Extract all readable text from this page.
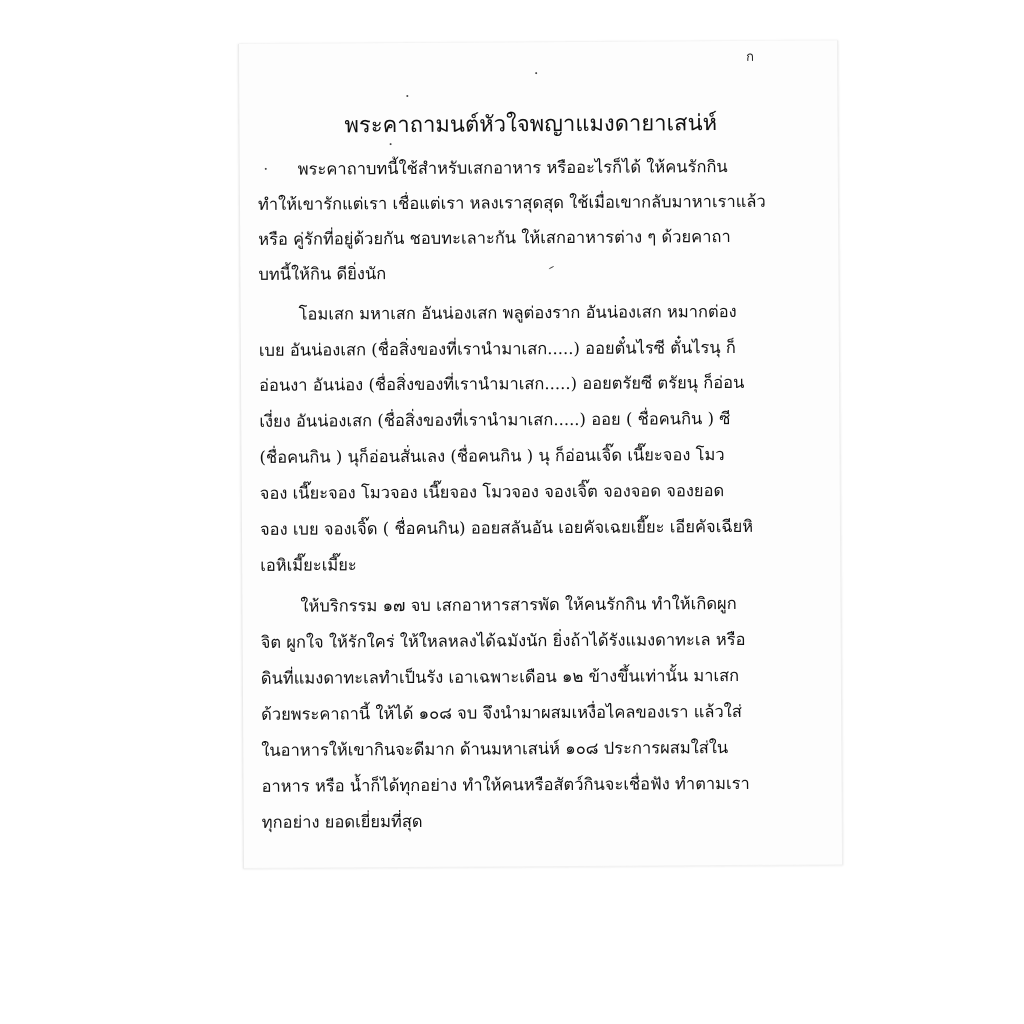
ก
พระคาถามนต์หัวใจพญาแมงดายาเสน่ห์
พระคาถาบทนี้ใช้สำหรับเสกอาหาร หรืออะไรก็ได้ ให้คนรักกิน
ทำให้เขารักแต่เรา เชื่อแต่เรา หลงเราสุดสุด ใช้เมื่อเขากลับมาหาเราแล้ว
หรือ คู่รักที่อยู่ด้วยกัน ชอบทะเลาะกัน ให้เสกอาหารต่าง ๆ ด้วยคาถา
บทนี้ให้กิน ดียิ่งนัก
โอมเสก มหาเสก อันน่องเสก พลูต่องราก อันน่องเสก หมากต่อง
เบย อันน่องเสก (ชื่อสิ่งของที่เรานำมาเสก.....) ออยตั๋นไรซี ตั๋นไรนุ ก็
อ่อนงา อันน่อง (ชื่อสิ่งของที่เรานำมาเสก.....) ออยตรัยซี ตรัยนุ ก็อ่อน
เงี่ยง อันน่องเสก (ชื่อสิ่งของที่เรานำมาเสก.....) ออย ( ชื่อคนกิน ) ซี
(ชื่อคนกิน ) นุก็อ่อนสั่นเลง (ชื่อคนกิน ) นุ ก็อ่อนเจิ๊ด เนี๊ยะจอง โมว
จอง เนี๊ยะจอง โมวจอง เนี๊ยจอง โมวจอง จองเจิ๊ต จองจอด จองยอด
จอง เบย จองเจิ๊ด ( ชื่อคนกิน) ออยสลันอัน เอยคัจเฉยเยี๊ยะ เอียคัจเฉียหิ
เอหิเมี๊ยะเมี๊ยะ
ให้บริกรรม ๑๗ จบ เสกอาหารสารพัด ให้คนรักกิน ทำให้เกิดผูก
จิต ผูกใจ ให้รักใคร่ ให้ใหลหลงได้ฉมังนัก ยิ่งถ้าได้รังแมงดาทะเล หรือ
ดินที่แมงดาทะเลทำเป็นรัง เอาเฉพาะเดือน ๑๒ ข้างขึ้นเท่านั้น มาเสก
ด้วยพระคาถานี้ ให้ได้ ๑๐๘ จบ จึงนำมาผสมเหงื่อไคลของเรา แล้วใส่
ในอาหารให้เขากินจะดีมาก ด้านมหาเสน่ห์ ๑๐๘ ประการผสมใส่ใน
อาหาร หรือ น้ำก็ได้ทุกอย่าง ทำให้คนหรือสัตว์กินจะเชื่อฟัง ทำตามเรา
ทุกอย่าง ยอดเยี่ยมที่สุด
